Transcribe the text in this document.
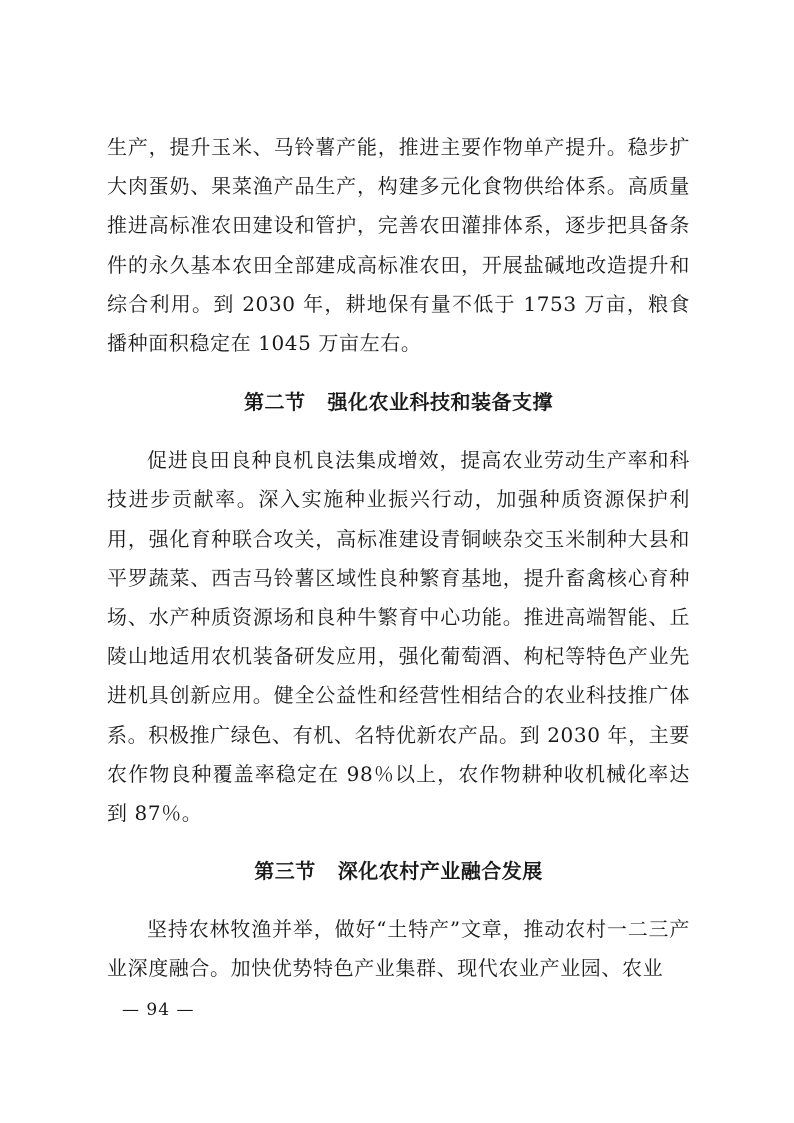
生产，提升玉米、马铃薯产能，推进主要作物单产提升。稳步扩大肉蛋奶、果菜渔产品生产，构建多元化食物供给体系。高质量推进高标准农田建设和管护，完善农田灌排体系，逐步把具备条件的永久基本农田全部建成高标准农田，开展盐碱地改造提升和综合利用。到 2030 年，耕地保有量不低于 1753 万亩，粮食播种面积稳定在 1045 万亩左右。

第二节 强化农业科技和装备支撑

促进良田良种良机良法集成增效，提高农业劳动生产率和科技进步贡献率。深入实施种业振兴行动，加强种质资源保护利用，强化育种联合攻关，高标准建设青铜峡杂交玉米制种大县和平罗蔬菜、西吉马铃薯区域性良种繁育基地，提升畜禽核心育种场、水产种质资源场和良种牛繁育中心功能。推进高端智能、丘陵山地适用农机装备研发应用，强化葡萄酒、枸杞等特色产业先进机具创新应用。健全公益性和经营性相结合的农业科技推广体系。积极推广绿色、有机、名特优新农产品。到 2030 年，主要农作物良种覆盖率稳定在 98％以上，农作物耕种收机械化率达到 87％。

第三节 深化农村产业融合发展

坚持农林牧渔并举，做好“土特产”文章，推动农村一二三产业深度融合。加快优势特色产业集群、现代农业产业园、农业

— 94 —
